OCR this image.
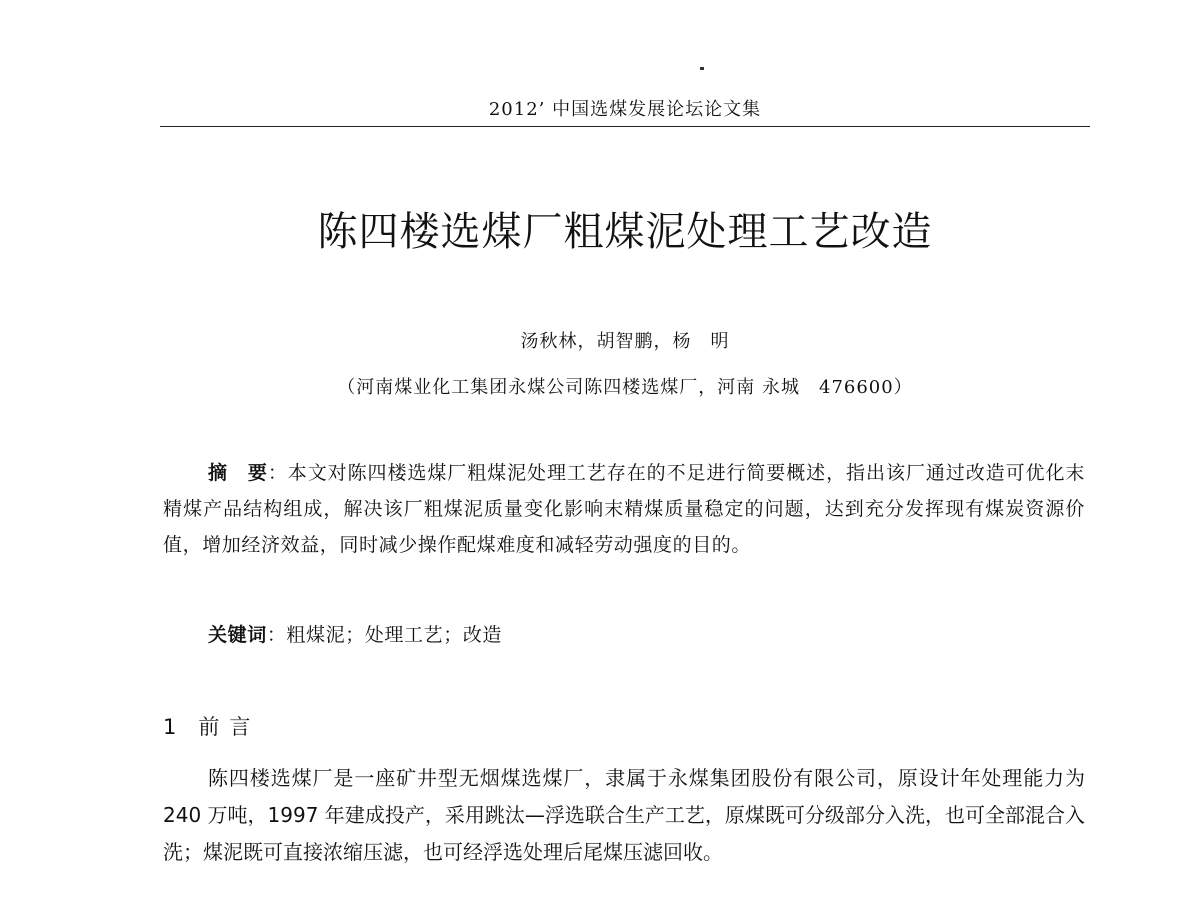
2012’ 中国选煤发展论坛论文集
陈四楼选煤厂粗煤泥处理工艺改造
汤秋林，胡智鹏，杨　明
（河南煤业化工集团永煤公司陈四楼选煤厂，河南 永城　476600）

摘　要：本文对陈四楼选煤厂粗煤泥处理工艺存在的不足进行简要概述，指出该厂通过改造可优化末精煤产品结构组成，解决该厂粗煤泥质量变化影响末精煤质量稳定的问题，达到充分发挥现有煤炭资源价值，增加经济效益，同时减少操作配煤难度和减轻劳动强度的目的。

关键词：粗煤泥；处理工艺；改造
1 前言

陈四楼选煤厂是一座矿井型无烟煤选煤厂，隶属于永煤集团股份有限公司，原设计年处理能力为 240 万吨，1997 年建成投产，采用跳汰—浮选联合生产工艺，原煤既可分级部分入洗，也可全部混合入洗；煤泥既可直接浓缩压滤，也可经浮选处理后尾煤压滤回收。
